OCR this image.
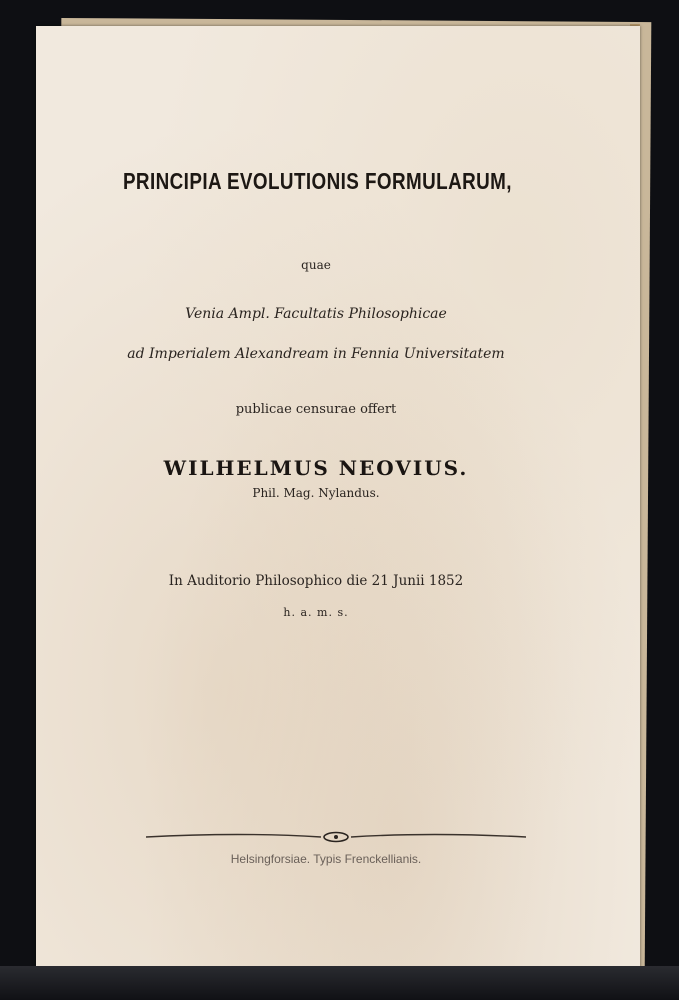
PRINCIPIA EVOLUTIONIS FORMULARUM,
quae
Venia Ampl. Facultatis Philosophicae
ad Imperialem Alexandream in Fennia Universitatem
publicae censurae offert
WILHELMUS NEOVIUS.
Phil. Mag. Nylandus.
In Auditorio Philosophico die 21 Junii 1852
h. a. m. s.
Helsingforsiae. Typis Frenckellianis.
